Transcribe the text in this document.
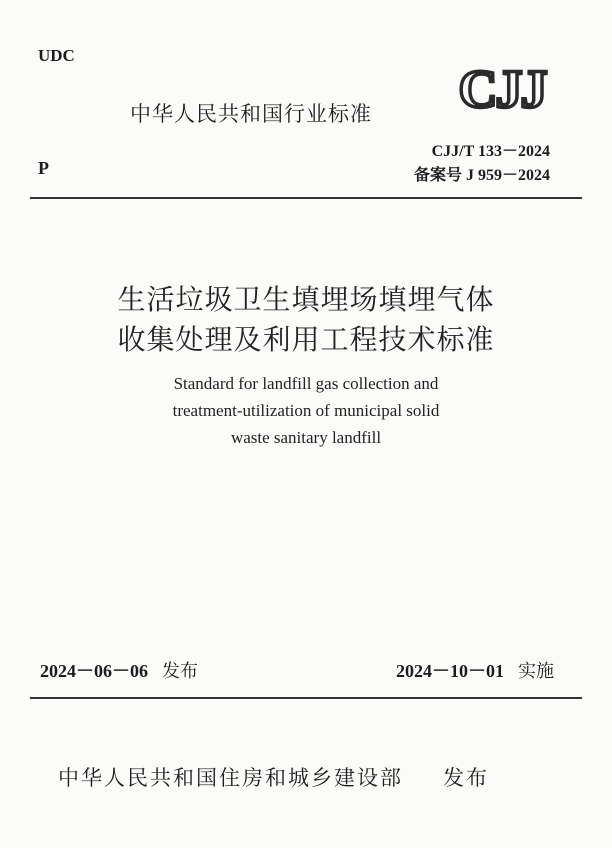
UDC
P
中华人民共和国行业标准 CJJ
CJJ/T 133－2024
备案号 J 959－2024
生活垃圾卫生填埋场填埋气体
收集处理及利用工程技术标准
Standard for landfill gas collection and
treatment-utilization of municipal solid
waste sanitary landfill
2024－06－06 发布	2024－10－01 实施
中华人民共和国住房和城乡建设部 发布
